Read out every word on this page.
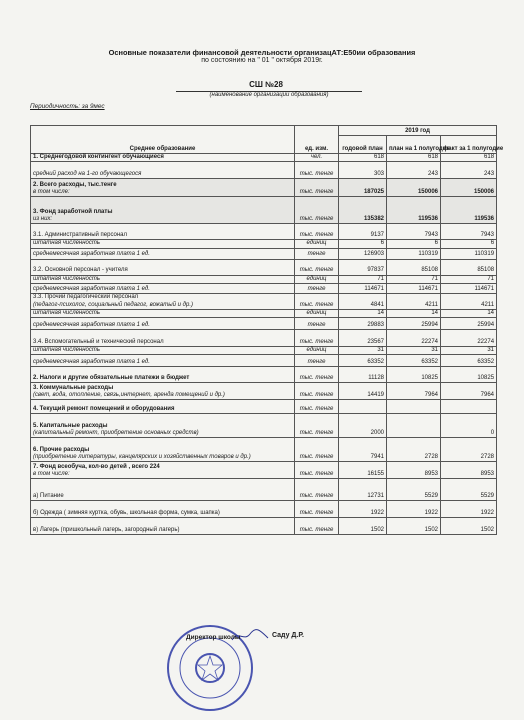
Основные показатели финансовой деятельности организацАТ:Е50ии образования
по состоянию на " 01 " октября 2019г.
СШ №28
(наименование организации образования)
Периодичность: за 9мес
Среднее образование	ед. изм.	2019 год		
		годовой план	план на 1 полугодие	факт за 1 полугодие

1. Среднегодовой контингент обучающиеся	чел.	618	618	618

средний расход на 1-го обучающегося	тыс. тенге	303	243	243

2. Всего расходы, тыс.тенге
в том числе:	тыс. тенге	187025	150006	150006

3. Фонд заработной платы
из них:	тыс. тенге	135382	119536	119536

3.1. Административный персонал	тыс. тенге	9137	7943	7943

штатная численность	единиц	6	6	6

среднемесячная заработная плата 1 ед.	тенге	126903	110319	110319

3.2. Основной персонал - учителя	тыс. тенге	97837	85108	85108

штатная численность	единиц	71	71	71

среднемесячная заработная плата 1 ед.	тенге	114671	114671	114671

3.3. Прочий педагогический персонал
(педагог-психолог, социальный педагог, вожатый и др.)	тыс. тенге	4841	4211	4211

штатная численность	единиц	14	14	14

среднемесячная заработная плата 1 ед.	тенге	29883	25994	25994

3.4. Вспомогательный и технический персонал	тыс. тенге	23567	22274	22274

штатная численность	единиц	31	31	31

среднемесячная заработная плата 1 ед.	тенге	63352	63352	63352

2. Налоги и другие обязательные платежи в бюджет	тыс. тенге	11128	10825	10825

3. Коммунальные расходы
(свет, вода, отопление, связь,интернет, аренда помещений и др.)	тыс. тенге	14419	7964	7964

4. Текущий ремонт помещений и оборудования	тыс. тенге			

5. Капитальные расходы
(капитальный ремонт, приобретение основных средств)	тыс. тенге	2000		0

6. Прочие расходы
(приобретение литературы, канцелярских и хозяйственных товаров и др.)	тыс. тенге	7941	2728	2728

7. Фонд всеобуча, кол-во детей , всего 224
в том числе:	тыс. тенге	16155	8953	8953

а) Питание	тыс. тенге	12731	5529	5529

б) Одежда ( зимняя куртка, обувь, школьная форма, сумка, шапка)	тыс. тенге	1922	1922	1922

в) Лагерь (пришкольный лагерь, загородный лагерь)	тыс. тенге	1502	1502	1502
Директор школы	Саду Д.Р.
